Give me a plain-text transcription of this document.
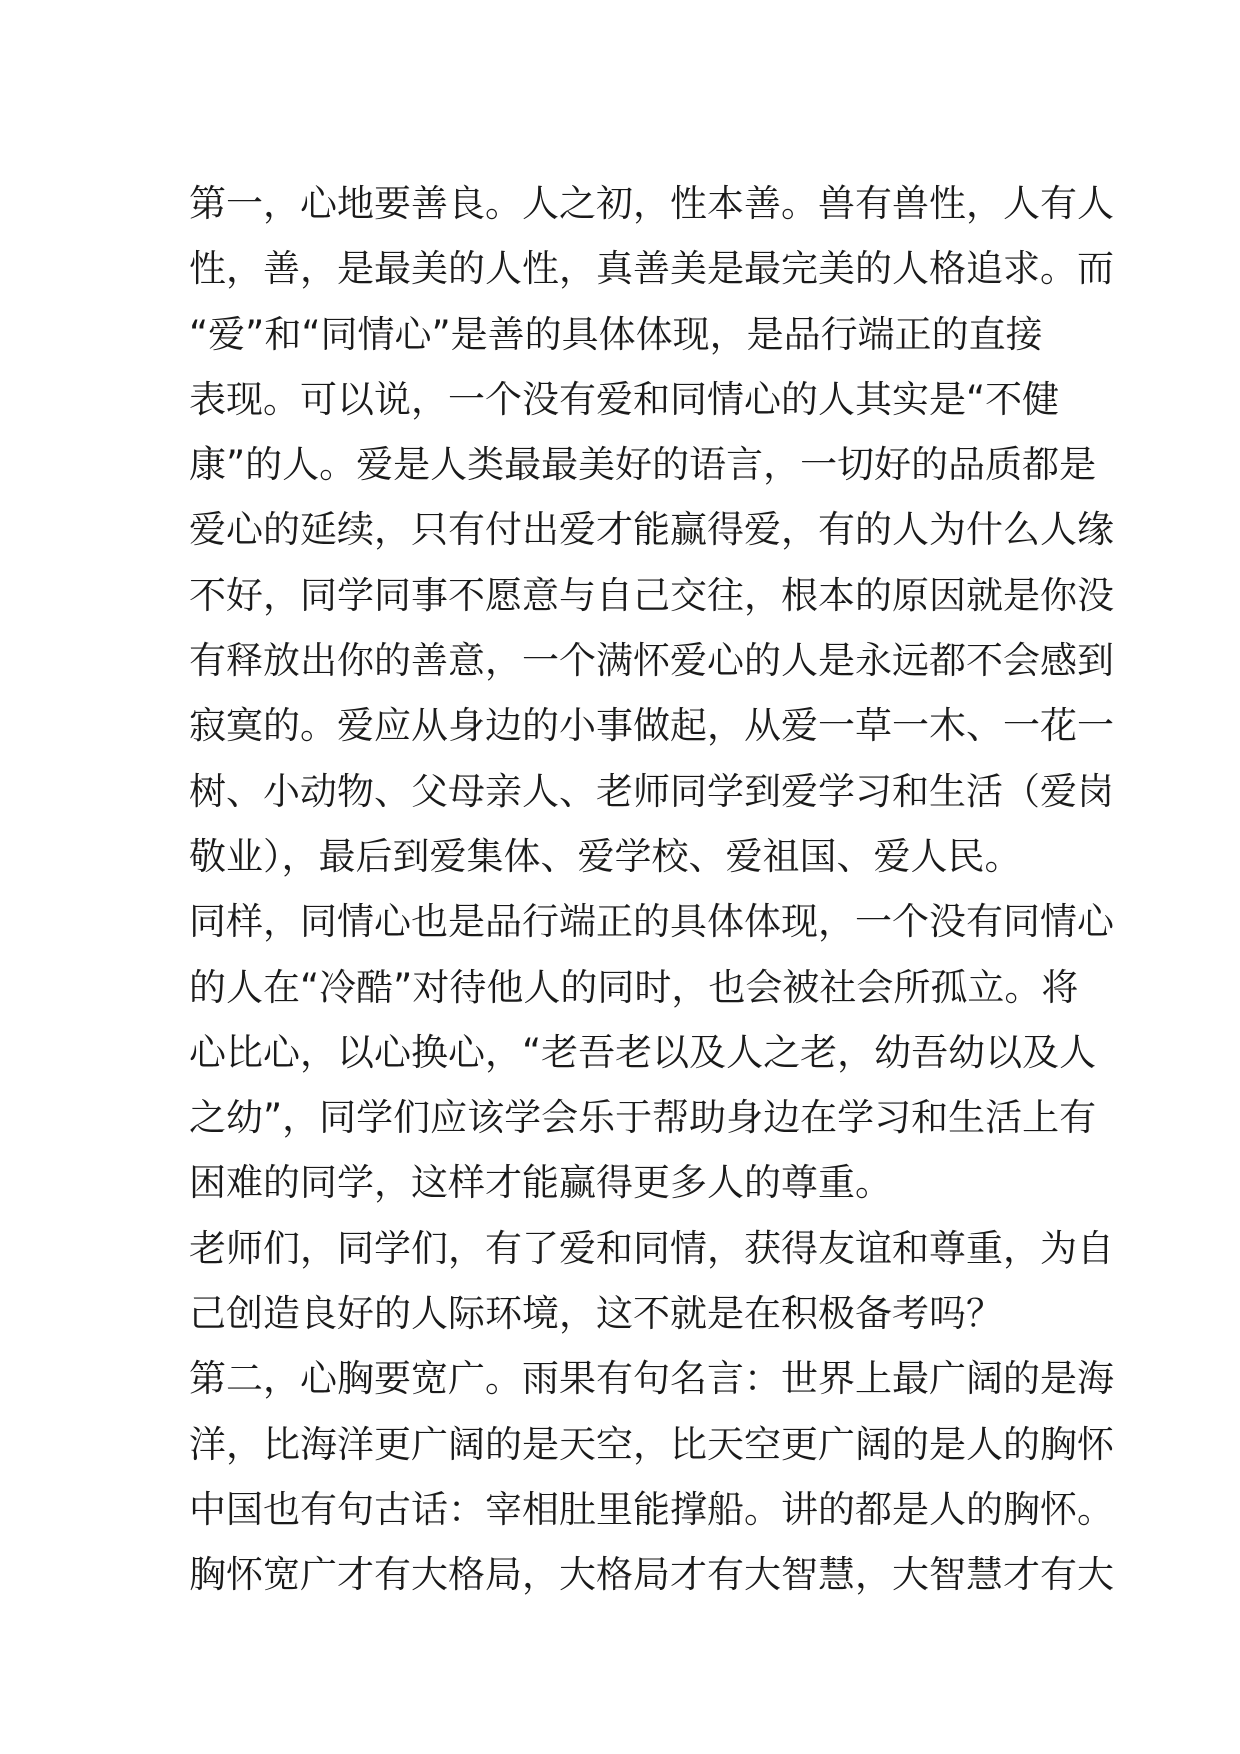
第一，心地要善良。人之初，性本善。兽有兽性，人有人
性，善，是最美的人性，真善美是最完美的人格追求。而
“爱”和“同情心”是善的具体体现，是品行端正的直接
表现。可以说，一个没有爱和同情心的人其实是“不健
康”的人。爱是人类最最美好的语言，一切好的品质都是
爱心的延续，只有付出爱才能赢得爱，有的人为什么人缘
不好，同学同事不愿意与自己交往，根本的原因就是你没
有释放出你的善意，一个满怀爱心的人是永远都不会感到
寂寞的。爱应从身边的小事做起，从爱一草一木、一花一
树、小动物、父母亲人、老师同学到爱学习和生活（爱岗
敬业），最后到爱集体、爱学校、爱祖国、爱人民。
同样，同情心也是品行端正的具体体现，一个没有同情心
的人在“冷酷”对待他人的同时，也会被社会所孤立。将
心比心，以心换心，“老吾老以及人之老，幼吾幼以及人
之幼”，同学们应该学会乐于帮助身边在学习和生活上有
困难的同学，这样才能赢得更多人的尊重。
老师们，同学们，有了爱和同情，获得友谊和尊重，为自
己创造良好的人际环境，这不就是在积极备考吗？
第二，心胸要宽广。雨果有句名言：世界上最广阔的是海
洋，比海洋更广阔的是天空，比天空更广阔的是人的胸怀
中国也有句古话：宰相肚里能撑船。讲的都是人的胸怀。
胸怀宽广才有大格局，大格局才有大智慧，大智慧才有大
